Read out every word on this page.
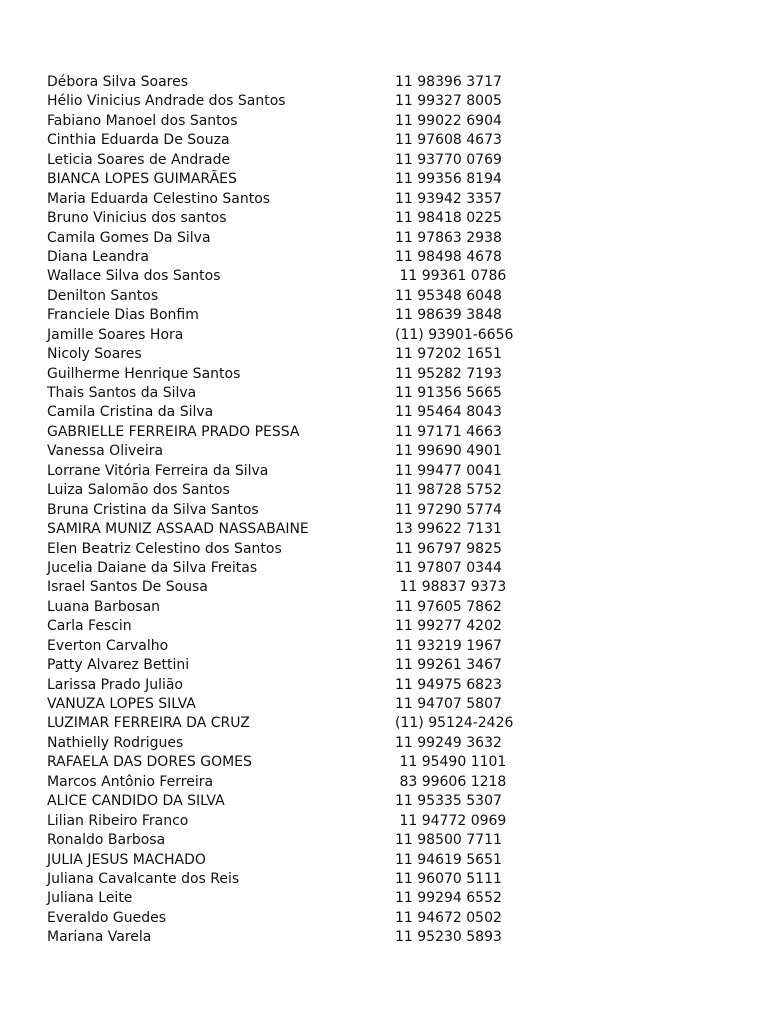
Débora Silva Soares	11 98396 3717
Hélio Vinicius Andrade dos Santos	11 99327 8005
Fabiano Manoel dos Santos	11 99022 6904
Cinthia Eduarda De Souza	11 97608 4673
Leticia Soares de Andrade	11 93770 0769
BIANCA LOPES GUIMARÃES	11 99356 8194
Maria Eduarda Celestino Santos	11 93942 3357
Bruno Vinicius dos santos	11 98418 0225
Camila Gomes Da Silva	11 97863 2938
Diana Leandra	11 98498 4678
Wallace Silva dos Santos	11 99361 0786
Denilton Santos	11 95348 6048
Franciele Dias Bonfim	11 98639 3848
Jamille Soares Hora	(11) 93901-6656
Nicoly Soares	11 97202 1651
Guilherme Henrique Santos	11 95282 7193
Thais Santos da Silva	11 91356 5665
Camila Cristina da Silva	11 95464 8043
GABRIELLE FERREIRA PRADO PESSA	11 97171 4663
Vanessa Oliveira	11 99690 4901
Lorrane Vitória Ferreira da Silva	11 99477 0041
Luiza Salomão dos Santos	11 98728 5752
Bruna Cristina da Silva Santos	11 97290 5774
SAMIRA MUNIZ ASSAAD NASSABAINE	13 99622 7131
Elen Beatriz Celestino dos Santos	11 96797 9825
Jucelia Daiane da Silva Freitas	11 97807 0344
Israel Santos De Sousa	11 98837 9373
Luana Barbosan	11 97605 7862
Carla Fescin	11 99277 4202
Everton Carvalho	11 93219 1967
Patty Alvarez Bettini	11 99261 3467
Larissa Prado Julião	11 94975 6823
VANUZA LOPES SILVA	11 94707 5807
LUZIMAR FERREIRA DA CRUZ	(11) 95124-2426
Nathielly Rodrigues	11 99249 3632
RAFAELA DAS DORES GOMES	11 95490 1101
Marcos Antônio Ferreira	83 99606 1218
ALICE CANDIDO DA SILVA	11 95335 5307
Lilian Ribeiro Franco	11 94772 0969
Ronaldo Barbosa	11 98500 7711
JULIA JESUS MACHADO	11 94619 5651
Juliana Cavalcante dos Reis	11 96070 5111
Juliana Leite	11 99294 6552
Everaldo Guedes	11 94672 0502
Mariana Varela	11 95230 5893
